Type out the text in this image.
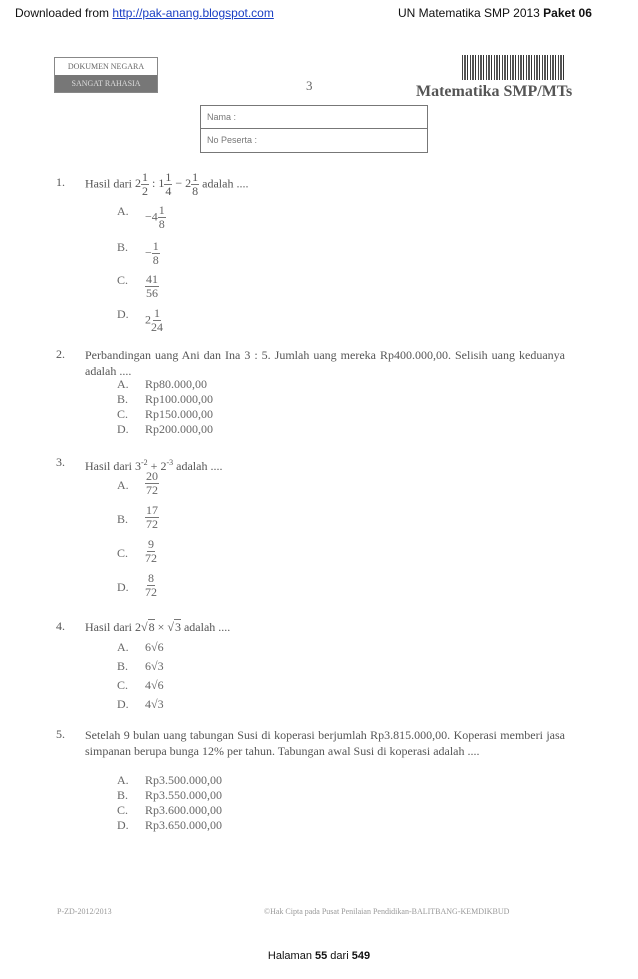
Downloaded from http://pak-anang.blogspot.com	UN Matematika SMP 2013 Paket 06
DOKUMEN NEGARA
SANGAT RAHASIA	3	Matematika SMP/MTs
Nama :
No Peserta :
1. Hasil dari $2 \frac{1}{2}$ : $1 \frac{1}{4} - 2 \frac{1}{8}$ adalah ....
A. $-4 \frac{1}{8}$
B. − $\frac{1}{8}$
C. $\frac{41}{56}$
D. $2 \frac{1}{24}$
2. Perbandingan uang Ani dan Ina 3 : 5. Jumlah uang mereka Rp400.000,00. Selisih uang keduanya adalah ....
A. Rp80.000,00
B. Rp100.000,00
C. Rp150.000,00
D. Rp200.000,00
3. Hasil dari $3^{-2} + 2^{-3}$ adalah ....
A. $\frac{20}{72}$
B. $\frac{17}{72}$
C. $\frac{9}{72}$
D. $\frac{8}{72}$
4. Hasil dari 2√8 × √3 adalah ....
A. 6√6
B. 6√3
C. 4√6
D. 4√3
5. Setelah 9 bulan uang tabungan Susi di koperasi berjumlah Rp3.815.000,00. Koperasi memberi jasa simpanan berupa bunga 12% per tahun. Tabungan awal Susi di koperasi adalah ....
A. Rp3.500.000,00
B. Rp3.550.000,00
C. Rp3.600.000,00
D. Rp3.650.000,00
P-ZD-2012/2013	©Hak Cipta pada Pusat Penilaian Pendidikan-BALITBANG-KEMDIKBUD
Halaman 55 dari 549
